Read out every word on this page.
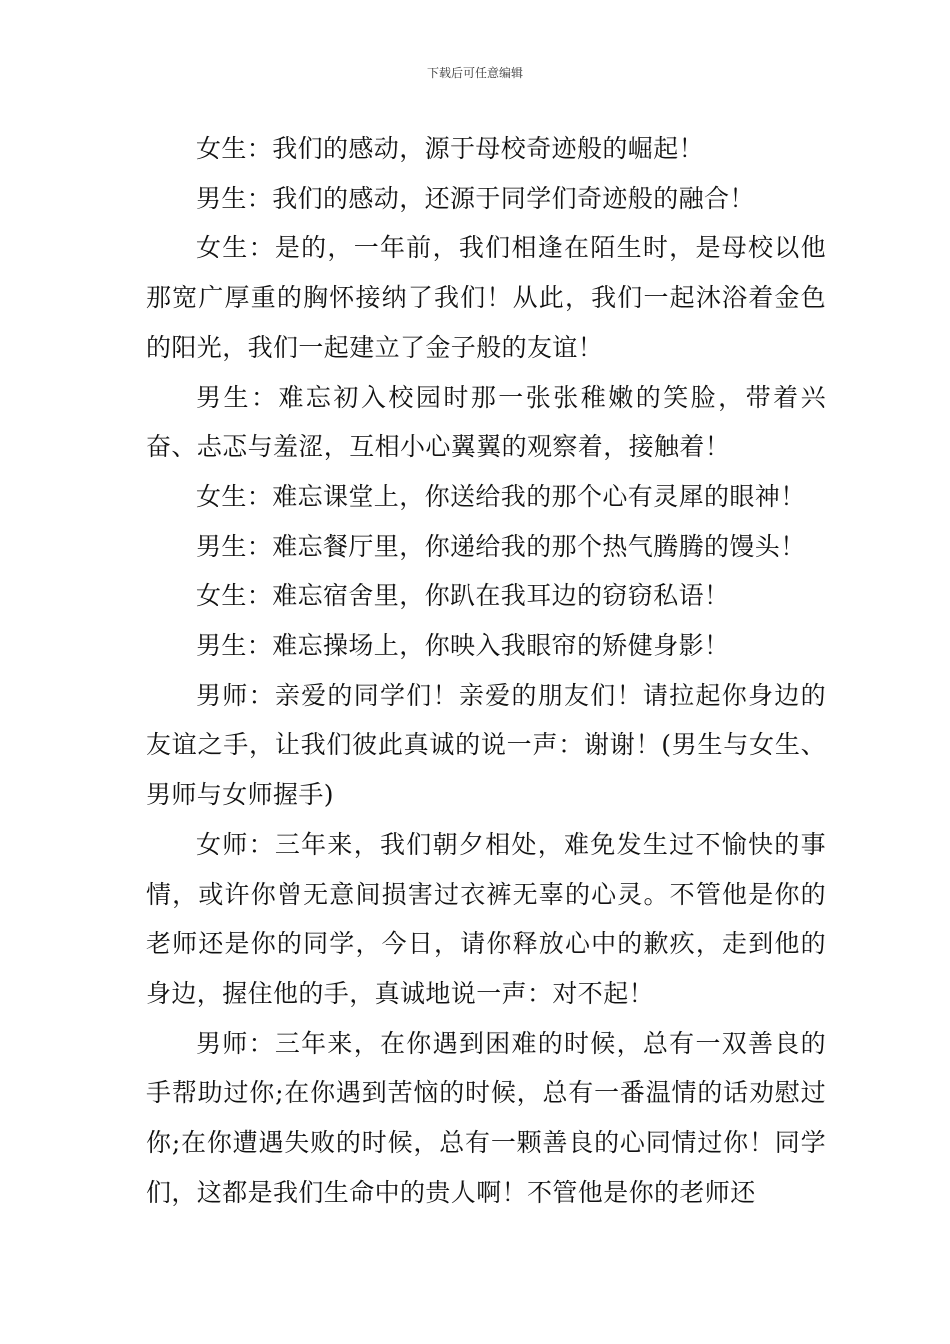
下载后可任意编辑

女生：我们的感动，源于母校奇迹般的崛起！

男生：我们的感动，还源于同学们奇迹般的融合！

女生：是的，一年前，我们相逢在陌生时，是母校以他那宽广厚重的胸怀接纳了我们！从此，我们一起沐浴着金色的阳光，我们一起建立了金子般的友谊！

男生：难忘初入校园时那一张张稚嫩的笑脸，带着兴奋、忐忑与羞涩，互相小心翼翼的观察着，接触着！

女生：难忘课堂上，你送给我的那个心有灵犀的眼神！

男生：难忘餐厅里，你递给我的那个热气腾腾的馒头！

女生：难忘宿舍里，你趴在我耳边的窃窃私语！

男生：难忘操场上，你映入我眼帘的矫健身影！

男师：亲爱的同学们！亲爱的朋友们！请拉起你身边的友谊之手，让我们彼此真诚的说一声：谢谢！(男生与女生、男师与女师握手)

女师：三年来，我们朝夕相处，难免发生过不愉快的事情，或许你曾无意间损害过衣裤无辜的心灵。不管他是你的老师还是你的同学，今日，请你释放心中的歉疚，走到他的身边，握住他的手，真诚地说一声：对不起！

男师：三年来，在你遇到困难的时候，总有一双善良的手帮助过你;在你遇到苦恼的时候，总有一番温情的话劝慰过你;在你遭遇失败的时候，总有一颗善良的心同情过你！同学们，这都是我们生命中的贵人啊！不管他是你的老师还
